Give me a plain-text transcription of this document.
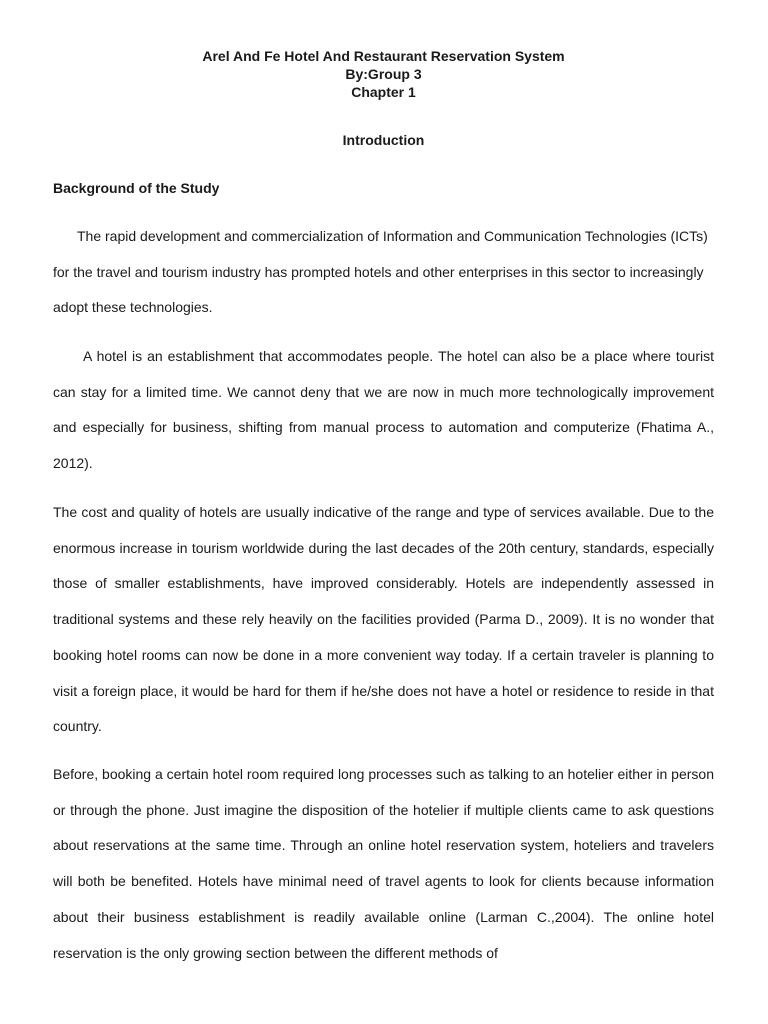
Arel And Fe Hotel And Restaurant Reservation System
By:Group 3
Chapter 1
Introduction
Background of the Study

The rapid development and commercialization of Information and Communication Technologies (ICTs) for the travel and tourism industry has prompted hotels and other enterprises in this sector to increasingly adopt these technologies.

A hotel is an establishment that accommodates people. The hotel can also be a place where tourist can stay for a limited time. We cannot deny that we are now in much more technologically improvement and especially for business, shifting from manual process to automation and computerize (Fhatima A., 2012).

The cost and quality of hotels are usually indicative of the range and type of services available. Due to the enormous increase in tourism worldwide during the last decades of the 20th century, standards, especially those of smaller establishments, have improved considerably. Hotels are independently assessed in traditional systems and these rely heavily on the facilities provided (Parma D., 2009). It is no wonder that booking hotel rooms can now be done in a more convenient way today. If a certain traveler is planning to visit a foreign place, it would be hard for them if he/she does not have a hotel or residence to reside in that country.

Before, booking a certain hotel room required long processes such as talking to an hotelier either in person or through the phone. Just imagine the disposition of the hotelier if multiple clients came to ask questions about reservations at the same time. Through an online hotel reservation system, hoteliers and travelers will both be benefited. Hotels have minimal need of travel agents to look for clients because information about their business establishment is readily available online (Larman C.,2004). The online hotel reservation is the only growing section between the different methods of
